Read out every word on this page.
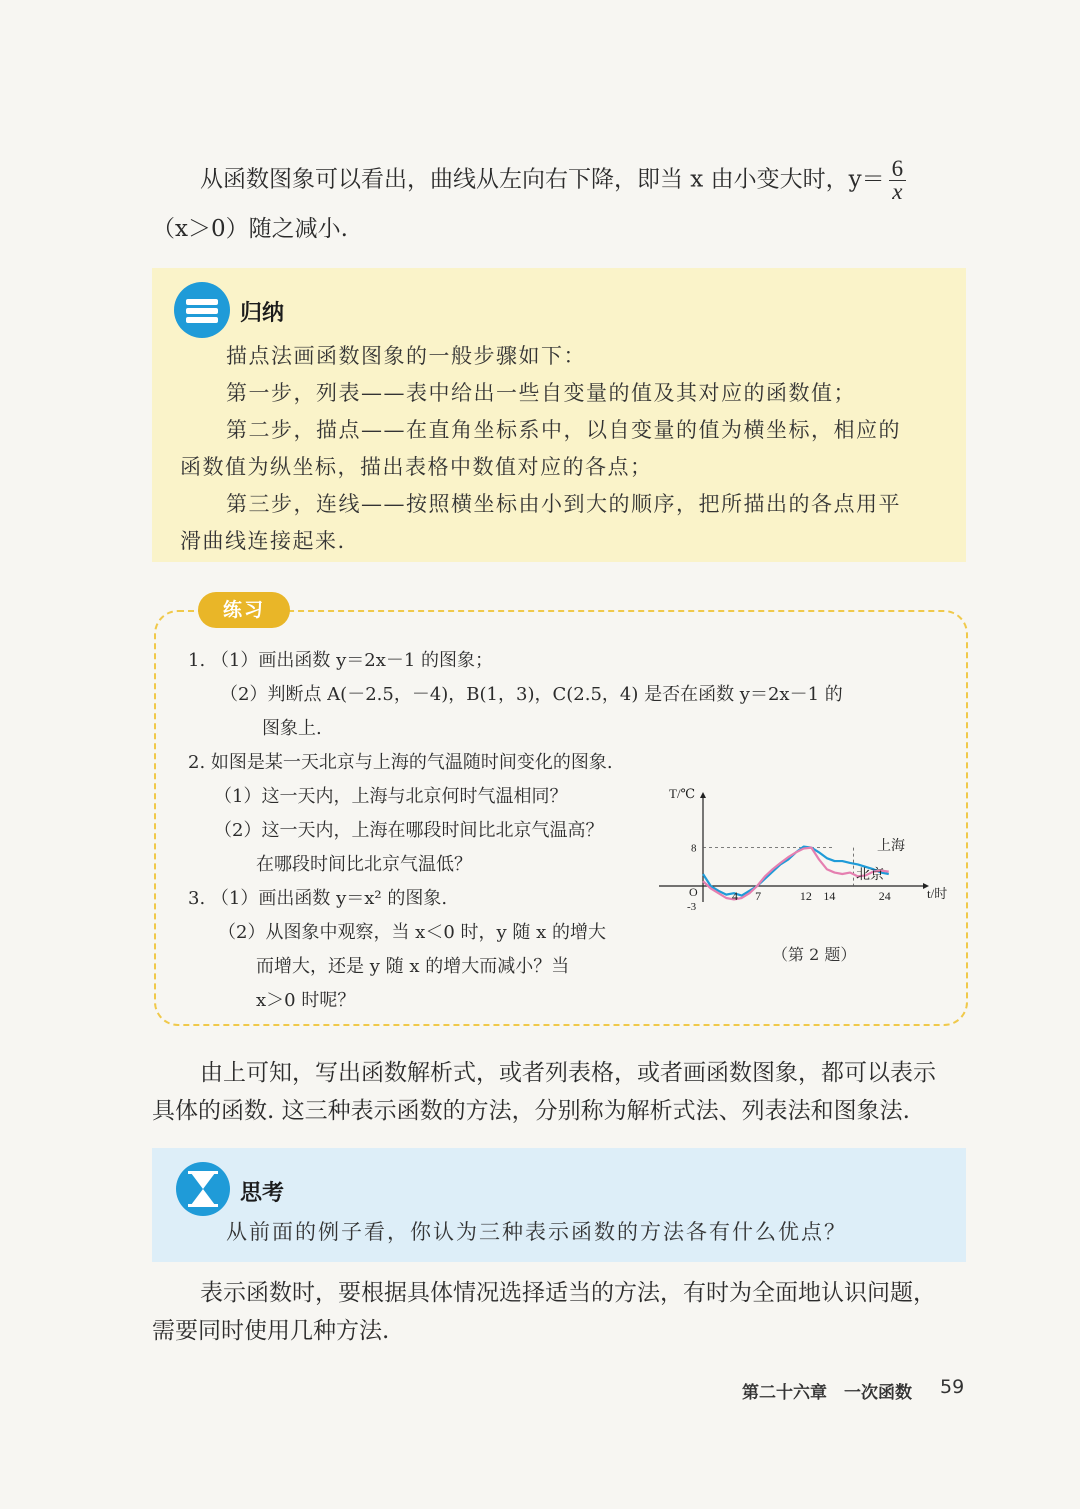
从函数图象可以看出，曲线从左向右下降，即当 x 由小变大时，$y= \frac{6}{x}$
（x＞0）随之减小.
归纳
描点法画函数图象的一般步骤如下：
第一步，列表——表中给出一些自变量的值及其对应的函数值；
第二步，描点——在直角坐标系中，以自变量的值为横坐标，相应的
函数值为纵坐标，描出表格中数值对应的各点；
第三步，连线——按照横坐标由小到大的顺序，把所描出的各点用平
滑曲线连接起来.
练习
1. （1）画出函数 y＝2x－1 的图象；
（2）判断点 A(－2.5，－4)，B(1，3)，C(2.5，4) 是否在函数 y＝2x－1 的
图象上.
2. 如图是某一天北京与上海的气温随时间变化的图象.
（1）这一天内，上海与北京何时气温相同？
（2）这一天内，上海在哪段时间比北京气温高？
在哪段时间比北京气温低？
3. （1）画出函数 y＝x² 的图象.
（2）从图象中观察，当 x＜0 时，y 随 x 的增大
而增大，还是 y 随 x 的增大而减小？当
x＞0 时呢？
T/℃
t/时
O
8
-3
4 7	12 14	24
上海
北京
（第 2 题）
由上可知，写出函数解析式，或者列表格，或者画函数图象，都可以表示
具体的函数. 这三种表示函数的方法，分别称为解析式法、列表法和图象法.
思考
从前面的例子看，你认为三种表示函数的方法各有什么优点？
表示函数时，要根据具体情况选择适当的方法，有时为全面地认识问题，
需要同时使用几种方法.
第二十六章　一次函数 59
